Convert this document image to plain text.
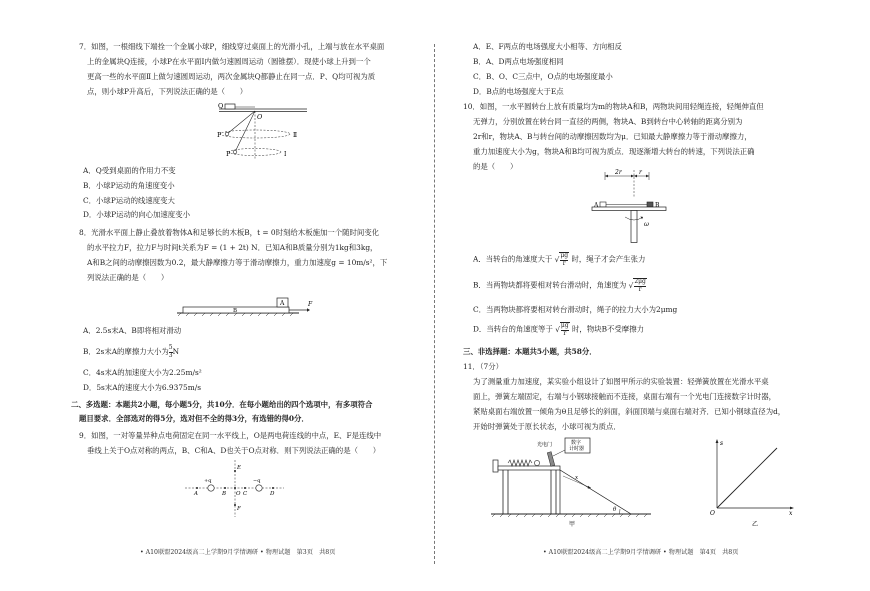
7．如图，一根细线下端拴一个金属小球P，细线穿过桌面上的光滑小孔，上端与放在水平桌面
上的金属块Q连接，小球P在水平面Ⅰ内做匀速圆周运动（圆锥摆）．现使小球上升到一个
更高一些的水平面Ⅱ上做匀速圆周运动，两次金属块Q都静止在同一点．P、Q均可视为质
点，则小球P升高后，下列说法正确的是（　　）
Q
O
P
P
Ⅱ
Ⅰ
A．Q受到桌面的作用力不变
B．小球P运动的角速度变小
C．小球P运动的线速度变大
D．小球P运动的向心加速度变小
8．光滑水平面上静止叠放着物体A和足够长的木板B，t = 0时刻给木板施加一个随时间变化
的水平拉力F，拉力F与时间t关系为F = (1 + 2t) N．已知A和B质量分别为1kg和3kg，
A和B之间的动摩擦因数为0.2，最大静摩擦力等于滑动摩擦力，重力加速度g = 10m/s²，下
列说法正确的是（　　）
A
B
F
A．2.5s末A、B即将相对滑动
B．2s末A的摩擦力大小为 $\frac{5}{3}$ N
C．4s末A的加速度大小为2.25m/s²
D．5s末A的速度大小为6.9375m/s
二、多选题：本题共2小题，每小题5分，共10分．在每小题给出的四个选项中，有多项符合
题目要求．全部选对的得5分，选对但不全的得3分，有选错的得0分．
9．如图，一对等量异种点电荷固定在同一水平线上，O是两电荷连线的中点，E、F是连线中
垂线上关于O点对称的两点，B、C和A、D也关于O点对称．则下列说法正确的是（　　）
+q	−q
A	B	C	D
E
F
O
• A10联盟2024级高二上学期9月学情调研 • 物理试题　第3页　共8页
A．E、F两点的电场强度大小相等、方向相反
B．A、D两点电场强度相同
C．B、O、C三点中，O点的电场强度最小
D．B点的电场强度大于E点
10．如图，一水平圆转台上放有质量均为m的物块A和B，两物块间用轻绳连接，轻绳伸直但
无弹力，分别放置在转台同一直径的两侧，物块A、B到转台中心转轴的距离分别为
2r和r，物块A、B与转台间的动摩擦因数均为μ．已知最大静摩擦力等于滑动摩擦力，
重力加速度大小为g，物块A和B均可视为质点．现逐渐增大转台的转速，下列说法正确
的是（　　）
2r	r
A	B
ω
A．当转台的角速度大于 √ $\frac{\mu g}{r}$ 时，绳子才会产生张力
B．当两物块都将要相对转台滑动时，角速度为 √ $\frac{2\mu g}{r}$
C．当两物块都将要相对转台滑动时，绳子的拉力大小为2μmg
D．当转台的角速度等于 √ $\frac{\mu g}{r}$ 时，物块B不受摩擦力
三、非选择题：本题共5小题，共58分．
11．（7分）
为了测量重力加速度，某实验小组设计了如图甲所示的实验装置：轻弹簧放置在光滑水平桌
面上，弹簧左端固定，右端与小钢球接触而不连接，桌面右端有一个光电门连接数字计时器，
紧贴桌面右端放置一倾角为θ且足够长的斜面，斜面顶端与桌面右端对齐．已知小钢球直径为d，
开始时弹簧处于原长状态，小球可视为质点．
光电门	数字
计时器
x
θ
甲
s
x
O
乙
• A10联盟2024级高二上学期9月学情调研 • 物理试题　第4页　共8页
